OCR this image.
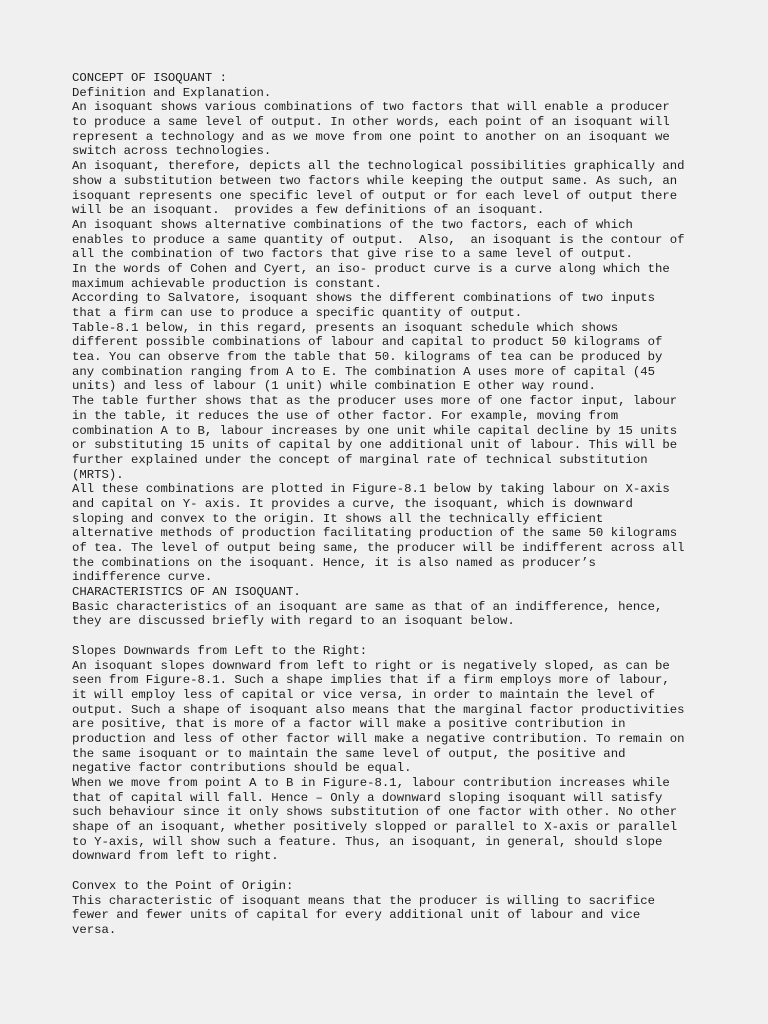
CONCEPT OF ISOQUANT :
Definition and Explanation.
An isoquant shows various combinations of two factors that will enable a producer
to produce a same level of output. In other words, each point of an isoquant will
represent a technology and as we move from one point to another on an isoquant we
switch across technologies.
An isoquant, therefore, depicts all the technological possibilities graphically and
show a substitution between two factors while keeping the output same. As such, an
isoquant represents one specific level of output or for each level of output there
will be an isoquant.  provides a few definitions of an isoquant.
An isoquant shows alternative combinations of the two factors, each of which
enables to produce a same quantity of output.  Also,  an isoquant is the contour of
all the combination of two factors that give rise to a same level of output.
In the words of Cohen and Cyert, an iso- product curve is a curve along which the
maximum achievable production is constant.
According to Salvatore, isoquant shows the different combinations of two inputs
that a firm can use to produce a specific quantity of output.
Table-8.1 below, in this regard, presents an isoquant schedule which shows
different possible combinations of labour and capital to product 50 kilograms of
tea. You can observe from the table that 50. kilograms of tea can be produced by
any combination ranging from A to E. The combination A uses more of capital (45
units) and less of labour (1 unit) while combination E other way round.
The table further shows that as the producer uses more of one factor input, labour
in the table, it reduces the use of other factor. For example, moving from
combination A to B, labour increases by one unit while capital decline by 15 units
or substituting 15 units of capital by one additional unit of labour. This will be
further explained under the concept of marginal rate of technical substitution
(MRTS).
All these combinations are plotted in Figure-8.1 below by taking labour on X-axis
and capital on Y- axis. It provides a curve, the isoquant, which is downward
sloping and convex to the origin. It shows all the technically efficient
alternative methods of production facilitating production of the same 50 kilograms
of tea. The level of output being same, the producer will be indifferent across all
the combinations on the isoquant. Hence, it is also named as producer’s
indifference curve.
CHARACTERISTICS OF AN ISOQUANT.
Basic characteristics of an isoquant are same as that of an indifference, hence,
they are discussed briefly with regard to an isoquant below.
Slopes Downwards from Left to the Right:
An isoquant slopes downward from left to right or is negatively sloped, as can be
seen from Figure-8.1. Such a shape implies that if a firm employs more of labour,
it will employ less of capital or vice versa, in order to maintain the level of
output. Such a shape of isoquant also means that the marginal factor productivities
are positive, that is more of a factor will make a positive contribution in
production and less of other factor will make a negative contribution. To remain on
the same isoquant or to maintain the same level of output, the positive and
negative factor contributions should be equal.
When we move from point A to B in Figure-8.1, labour contribution increases while
that of capital will fall. Hence – Only a downward sloping isoquant will satisfy
such behaviour since it only shows substitution of one factor with other. No other
shape of an isoquant, whether positively slopped or parallel to X-axis or parallel
to Y-axis, will show such a feature. Thus, an isoquant, in general, should slope
downward from left to right.
Convex to the Point of Origin:
This characteristic of isoquant means that the producer is willing to sacrifice
fewer and fewer units of capital for every additional unit of labour and vice
versa.
